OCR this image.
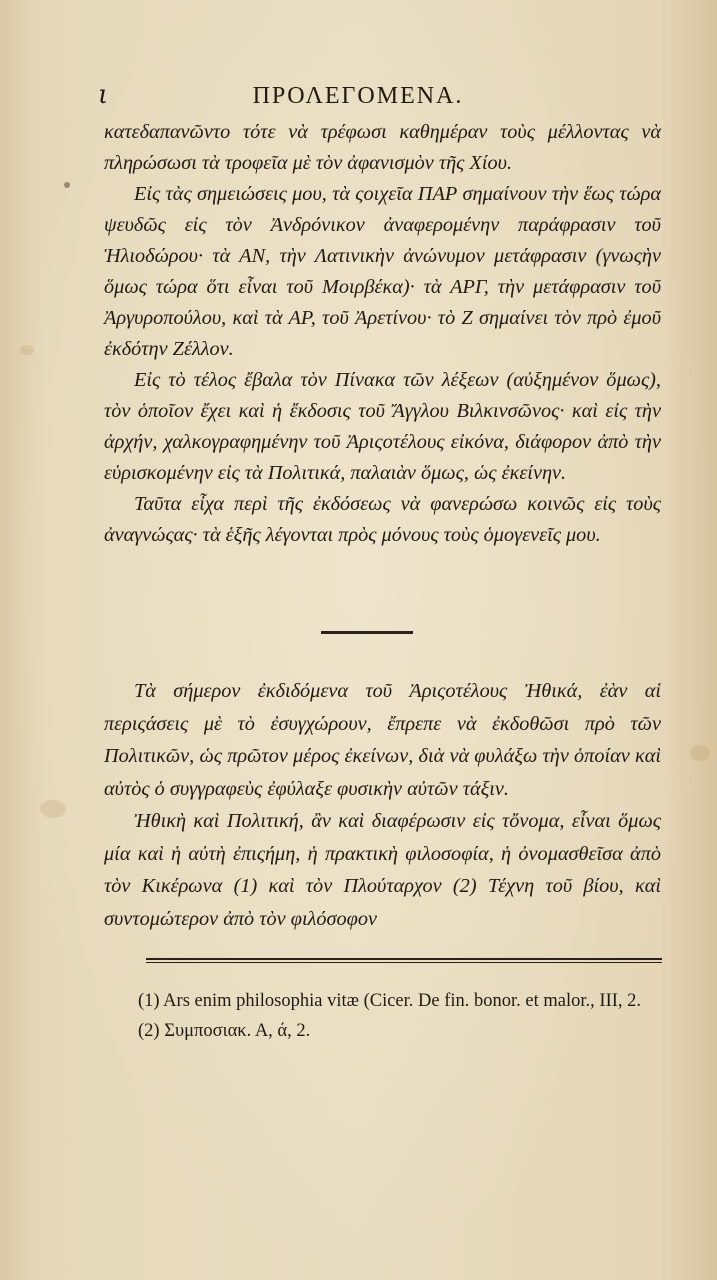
ι	ΠΡΟΛΕΓΟΜΕΝΑ.

κατεδαπανῶντο τότε νὰ τρέφωσι καθημέραν τοὺς μέλλοντας νὰ πληρώσωσι τὰ τροφεῖα μὲ τὸν ἀφανισμὸν τῆς Χίου.

Εἰς τὰς σημειώσεις μου, τὰ ςοιχεῖα ΠΑΡ σημαίνουν τὴν ἕως τώρα ψευδῶς εἰς τὸν Ἀνδρόνικον ἀναφερομένην παράφρασιν τοῦ Ἡλιοδώρου· τὰ ΑΝ, τὴν Λατινικὴν ἀνώνυμον μετάφρασιν (γνωςὴν ὅμως τώρα ὅτι εἶναι τοῦ Μοιρβέκα)· τὰ ΑΡΓ, τὴν μετάφρασιν τοῦ Ἀργυροπούλου, καὶ τὰ ΑΡ, τοῦ Ἀρετίνου· τὸ Ζ σημαίνει τὸν πρὸ ἐμοῦ ἐκδότην Ζέλλον.

Εἰς τὸ τέλος ἔβαλα τὸν Πίνακα τῶν λέξεων (αὐξημένον ὅμως), τὸν ὁποῖον ἔχει καὶ ἡ ἔκδοσις τοῦ Ἄγγλου Βιλκινσῶνος· καὶ εἰς τὴν ἀρχήν, χαλκογραφημένην τοῦ Ἀριςοτέλους εἰκόνα, διάφορον ἀπὸ τὴν εὑρισκομένην εἰς τὰ Πολιτικά, παλαιὰν ὅμως, ὡς ἐκείνην.

Ταῦτα εἶχα περὶ τῆς ἐκδόσεως νὰ φανερώσω κοινῶς εἰς τοὺς ἀναγνώςας· τὰ ἑξῆς λέγονται πρὸς μόνους τοὺς ὁμογενεῖς μου.

Τὰ σήμερον ἐκδιδόμενα τοῦ Ἀριςοτέλους Ἠθικά, ἐὰν αἱ περιςάσεις μὲ τὸ ἐσυγχώρουν, ἔπρεπε νὰ ἐκδοθῶσι πρὸ τῶν Πολιτικῶν, ὡς πρῶτον μέρος ἐκείνων, διὰ νὰ φυλάξω τὴν ὁποίαν καὶ αὐτὸς ὁ συγγραφεὺς ἐφύλαξε φυσικὴν αὐτῶν τάξιν.

Ἠθικὴ καὶ Πολιτική, ἂν καὶ διαφέρωσιν εἰς τὄνομα, εἶναι ὅμως μία καὶ ἡ αὐτὴ ἐπιςήμη, ἡ πρακτικὴ φιλοσοφία, ἡ ὀνομασθεῖσα ἀπὸ τὸν Κικέρωνα (1) καὶ τὸν Πλούταρχον (2) Τέχνη τοῦ βίου, καὶ συντομώτερον ἀπὸ τὸν φιλόσοφον

(1) Ars enim philosophia vitæ (Cicer. De fin. bonor. et malor., III, 2.
(2) Συμποσιακ. Α, ά, 2.
